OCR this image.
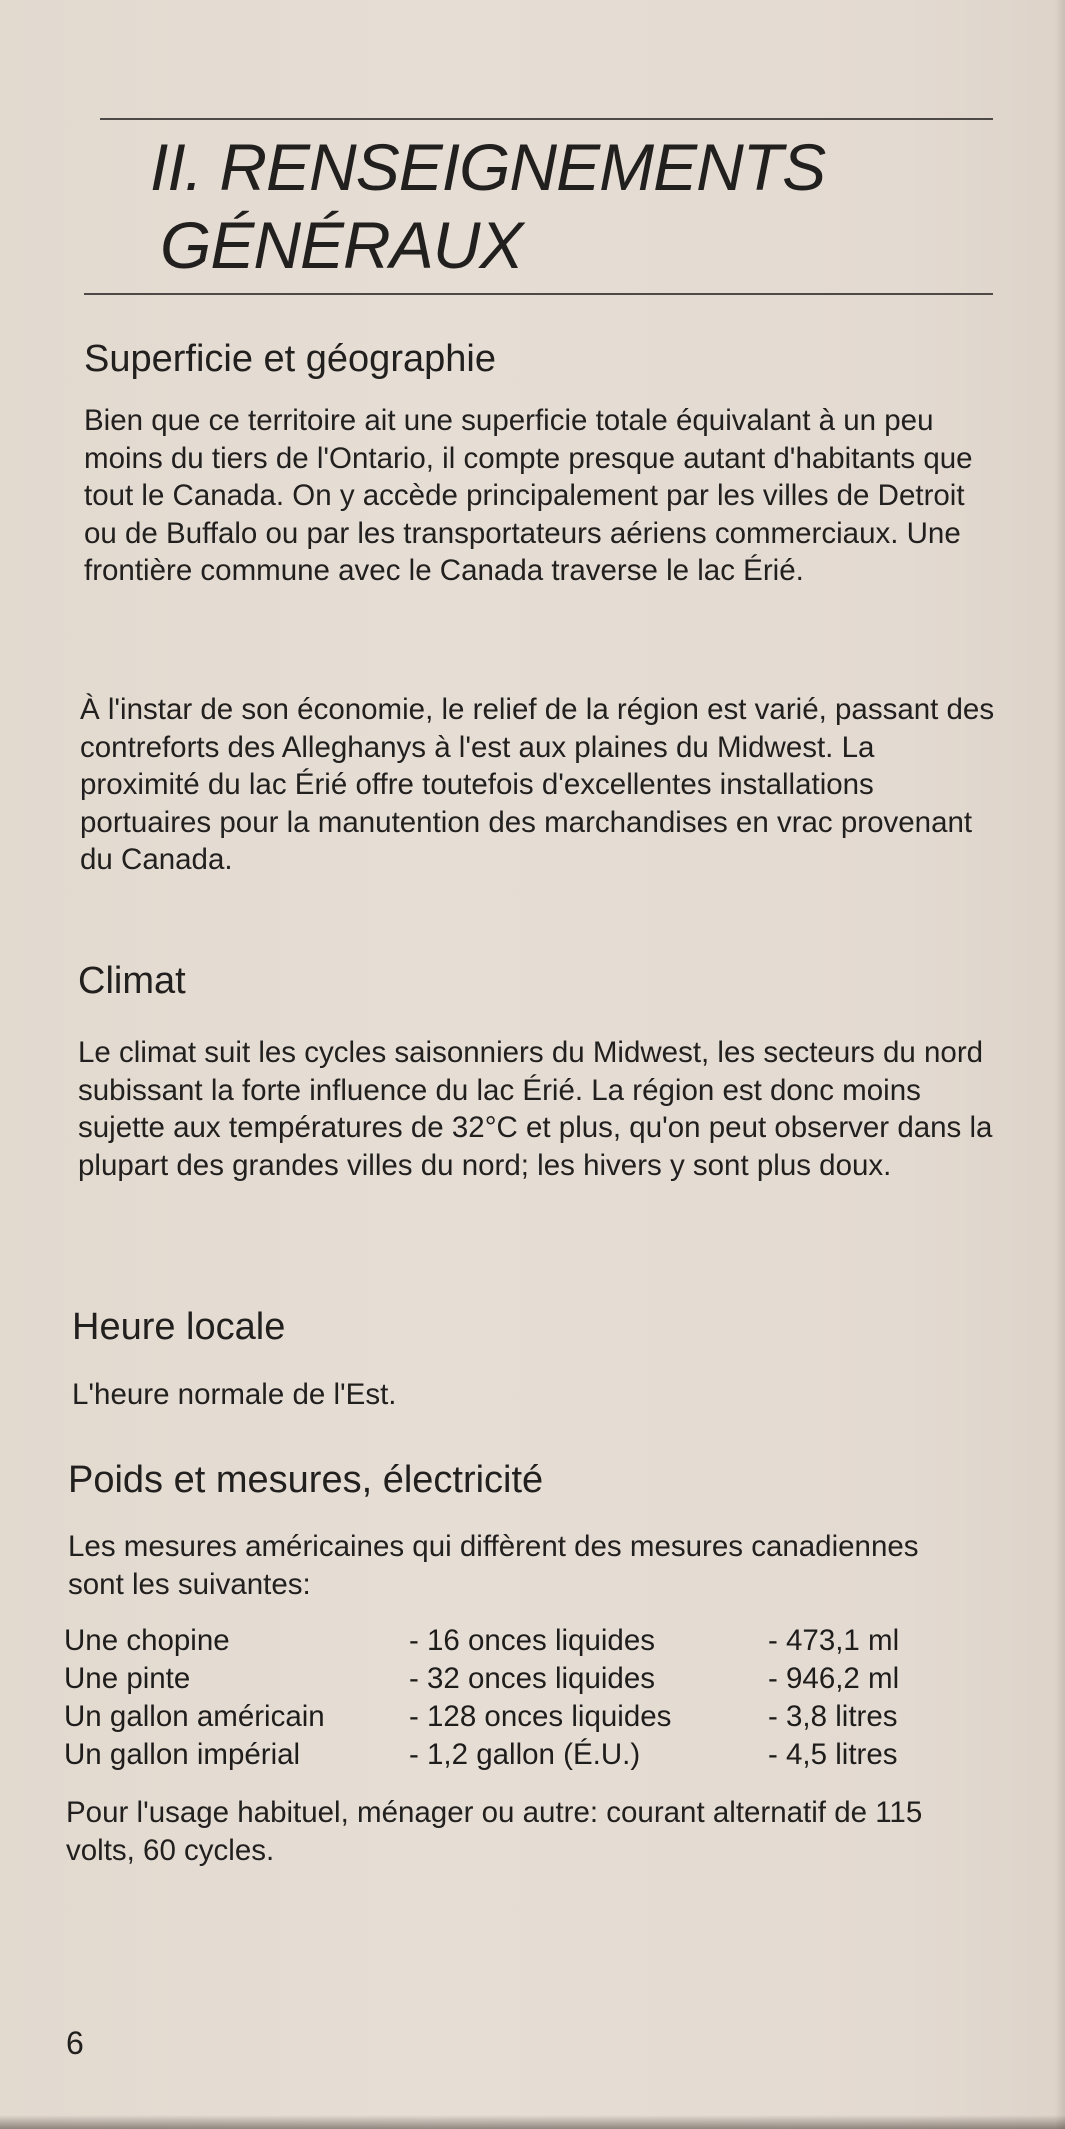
II. RENSEIGNEMENTS
GÉNÉRAUX
Superficie et géographie

Bien que ce territoire ait une superficie totale équivalant à un peu moins du tiers de l'Ontario, il compte presque autant d'habitants que tout le Canada. On y accède principalement par les villes de Detroit ou de Buffalo ou par les transportateurs aériens commerciaux. Une frontière commune avec le Canada traverse le lac Érié.

À l'instar de son économie, le relief de la région est varié, passant des contreforts des Alleghanys à l'est aux plaines du Midwest. La proximité du lac Érié offre toutefois d'excellentes installations portuaires pour la manutention des marchandises en vrac provenant du Canada.

Climat

Le climat suit les cycles saisonniers du Midwest, les secteurs du nord subissant la forte influence du lac Érié. La région est donc moins sujette aux températures de 32°C et plus, qu'on peut observer dans la plupart des grandes villes du nord; les hivers y sont plus doux.

Heure locale

L'heure normale de l'Est.

Poids et mesures, électricité

Les mesures américaines qui diffèrent des mesures canadiennes sont les suivantes:

Une chopine	- 16 onces liquides	- 473,1 ml
Une pinte	- 32 onces liquides	- 946,2 ml
Un gallon américain	- 128 onces liquides	- 3,8 litres
Un gallon impérial	- 1,2 gallon (É.U.)	- 4,5 litres

Pour l'usage habituel, ménager ou autre: courant alternatif de 115 volts, 60 cycles.

6
